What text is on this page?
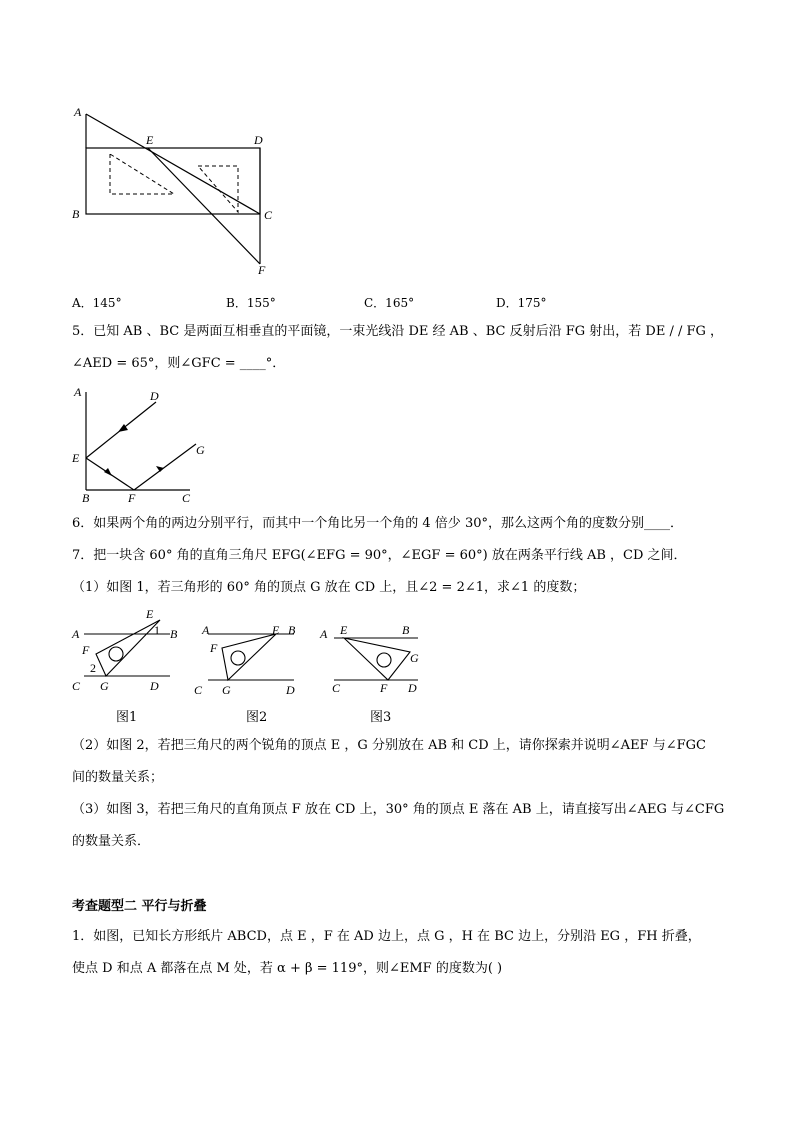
A
E	D
B	C
F
A．145°	B．155°	C．165°	D．175°
5．已知 AB 、BC 是两面互相垂直的平面镜，一束光线沿 DE 经 AB 、BC 反射后沿 FG 射出，若 DE / / FG ，
∠AED = 65°，则∠GFC = ____°．
A	D
E
G
B	F	C
6．如果两个角的两边分别平行，而其中一个角比另一个角的 4 倍少 30°，那么这两个角的度数分别____．
7．把一块含 60° 角的直角三角尺 EFG(∠EFG = 90°，∠EGF = 60°) 放在两条平行线 AB ，CD 之间．
（1）如图 1，若三角形的 60° 角的顶点 G 放在 CD 上，且∠2 = 2∠1，求∠1 的度数；
A
E
1 B
F
2
C G	D
图1
A	E B
F
C G	D
图2
A E	B
G
C	F D
图3
（2）如图 2，若把三角尺的两个锐角的顶点 E ，G 分别放在 AB 和 CD 上，请你探索并说明∠AEF 与∠FGC
间的数量关系；
（3）如图 3，若把三角尺的直角顶点 F 放在 CD 上，30° 角的顶点 E 落在 AB 上，请直接写出∠AEG 与∠CFG
的数量关系．
考查题型二 平行与折叠
1．如图，已知长方形纸片 ABCD，点 E ，F 在 AD 边上，点 G ，H 在 BC 边上，分别沿 EG ，FH 折叠，
使点 D 和点 A 都落在点 M 处，若 α + β = 119°，则∠EMF 的度数为( )
